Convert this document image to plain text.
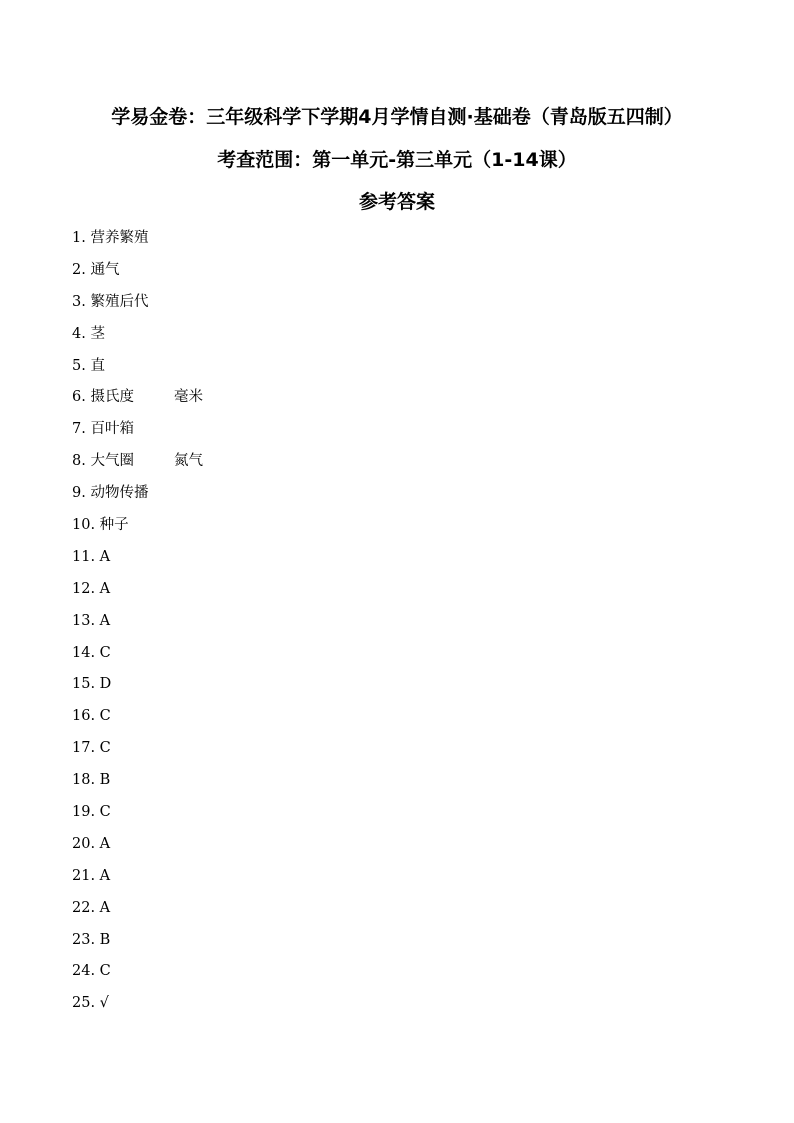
学易金卷：三年级科学下学期4月学情自测·基础卷（青岛版五四制）
考查范围：第一单元-第三单元（1-14课）
参考答案
1. 营养繁殖
2. 通气
3. 繁殖后代
4. 茎
5. 直
6. 摄氏度	毫米
7. 百叶箱
8. 大气圈	氮气
9. 动物传播
10. 种子
11. A
12. A
13. A
14. C
15. D
16. C
17. C
18. B
19. C
20. A
21. A
22. A
23. B
24. C
25. √
